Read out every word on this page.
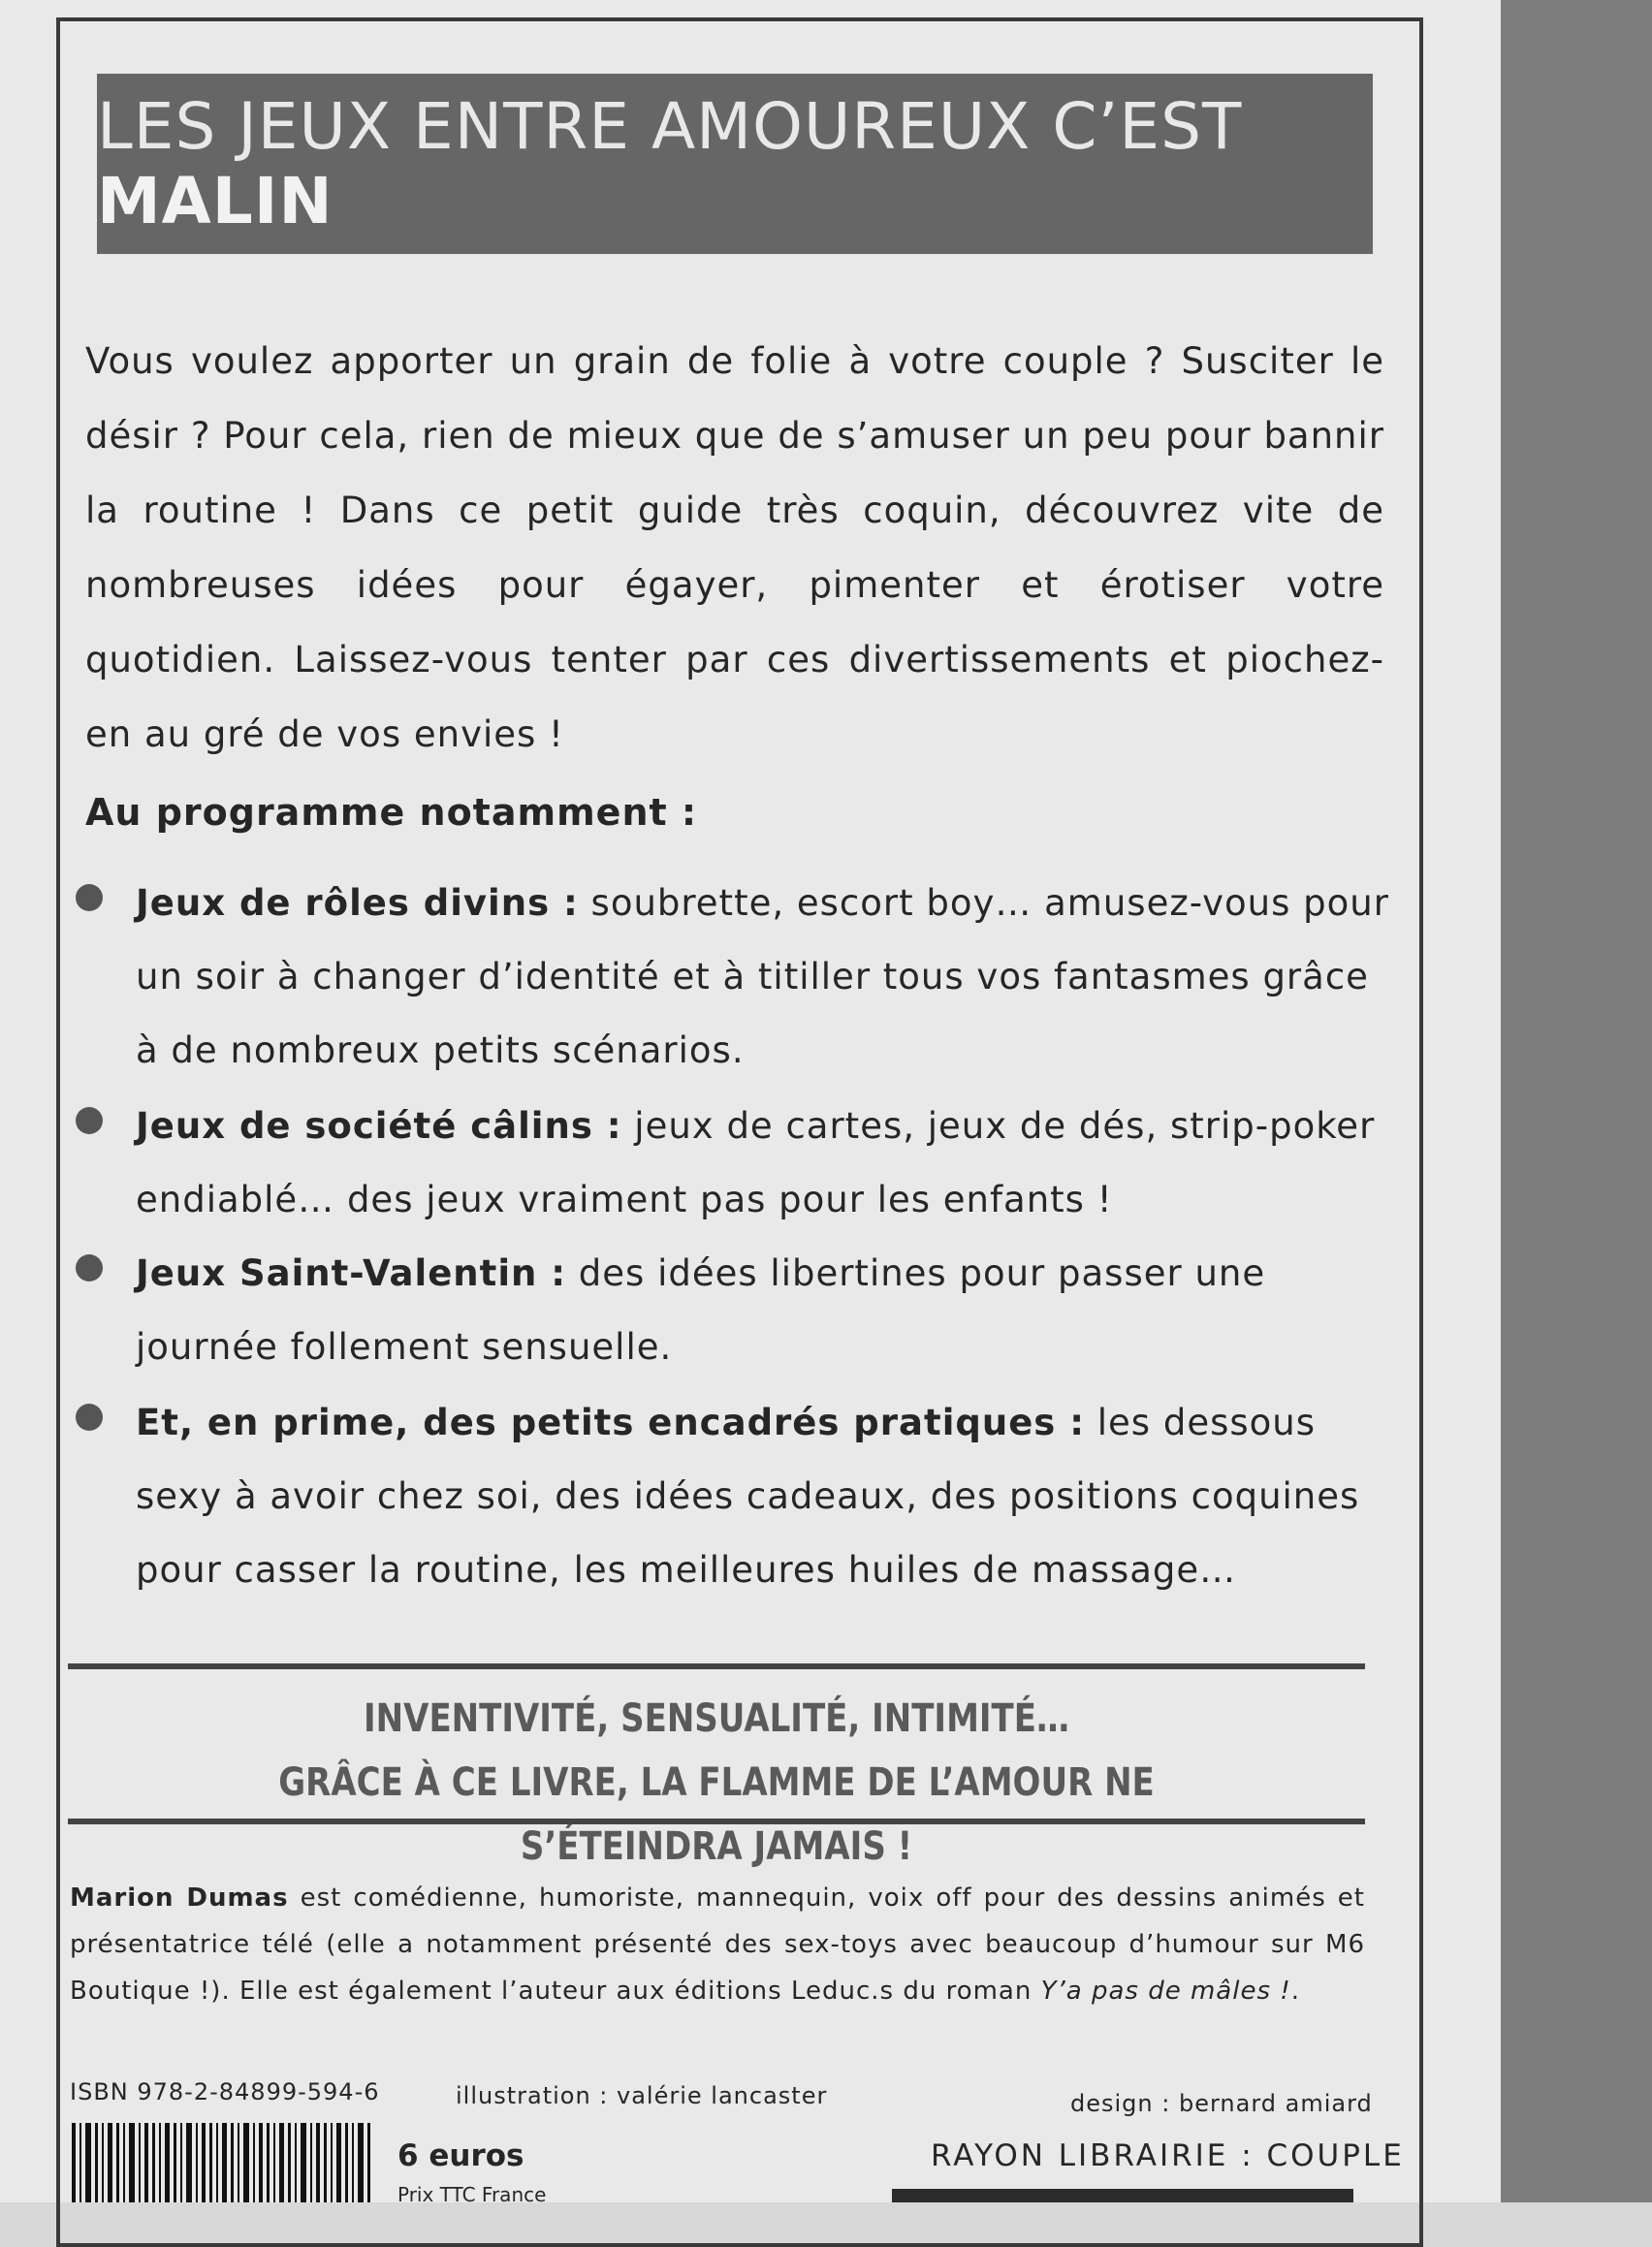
LES JEUX ENTRE AMOUREUX C’EST MALIN

Vous voulez apporter un grain de folie à votre couple ? Susciter le désir ? Pour cela, rien de mieux que de s’amuser un peu pour bannir la routine ! Dans ce petit guide très coquin, découvrez vite de nombreuses idées pour égayer, pimenter et érotiser votre quotidien. Laissez-vous tenter par ces divertissements et piochez-en au gré de vos envies !

Au programme notamment :

Jeux de rôles divins : soubrette, escort boy… amusez-vous pour un soir à changer d’identité et à titiller tous vos fantasmes grâce à de nombreux petits scénarios.

Jeux de société câlins : jeux de cartes, jeux de dés, strip-poker endiablé… des jeux vraiment pas pour les enfants !

Jeux Saint-Valentin : des idées libertines pour passer une journée follement sensuelle.

Et, en prime, des petits encadrés pratiques : les dessous sexy à avoir chez soi, des idées cadeaux, des positions coquines pour casser la routine, les meilleures huiles de massage…

INVENTIVITÉ, SENSUALITÉ, INTIMITÉ…
GRÂCE À CE LIVRE, LA FLAMME DE L’AMOUR NE S’ÉTEINDRA JAMAIS !

Marion Dumas est comédienne, humoriste, mannequin, voix off pour des dessins animés et présentatrice télé (elle a notamment présenté des sex-toys avec beaucoup d’humour sur M6 Boutique !). Elle est également l’auteur aux éditions Leduc.s du roman Y’a pas de mâles !.

ISBN 978-2-84899-594-6	illustration : valérie lancaster	design : bernard amiard
6 euros
Prix TTC France
RAYON LIBRAIRIE : COUPLE
